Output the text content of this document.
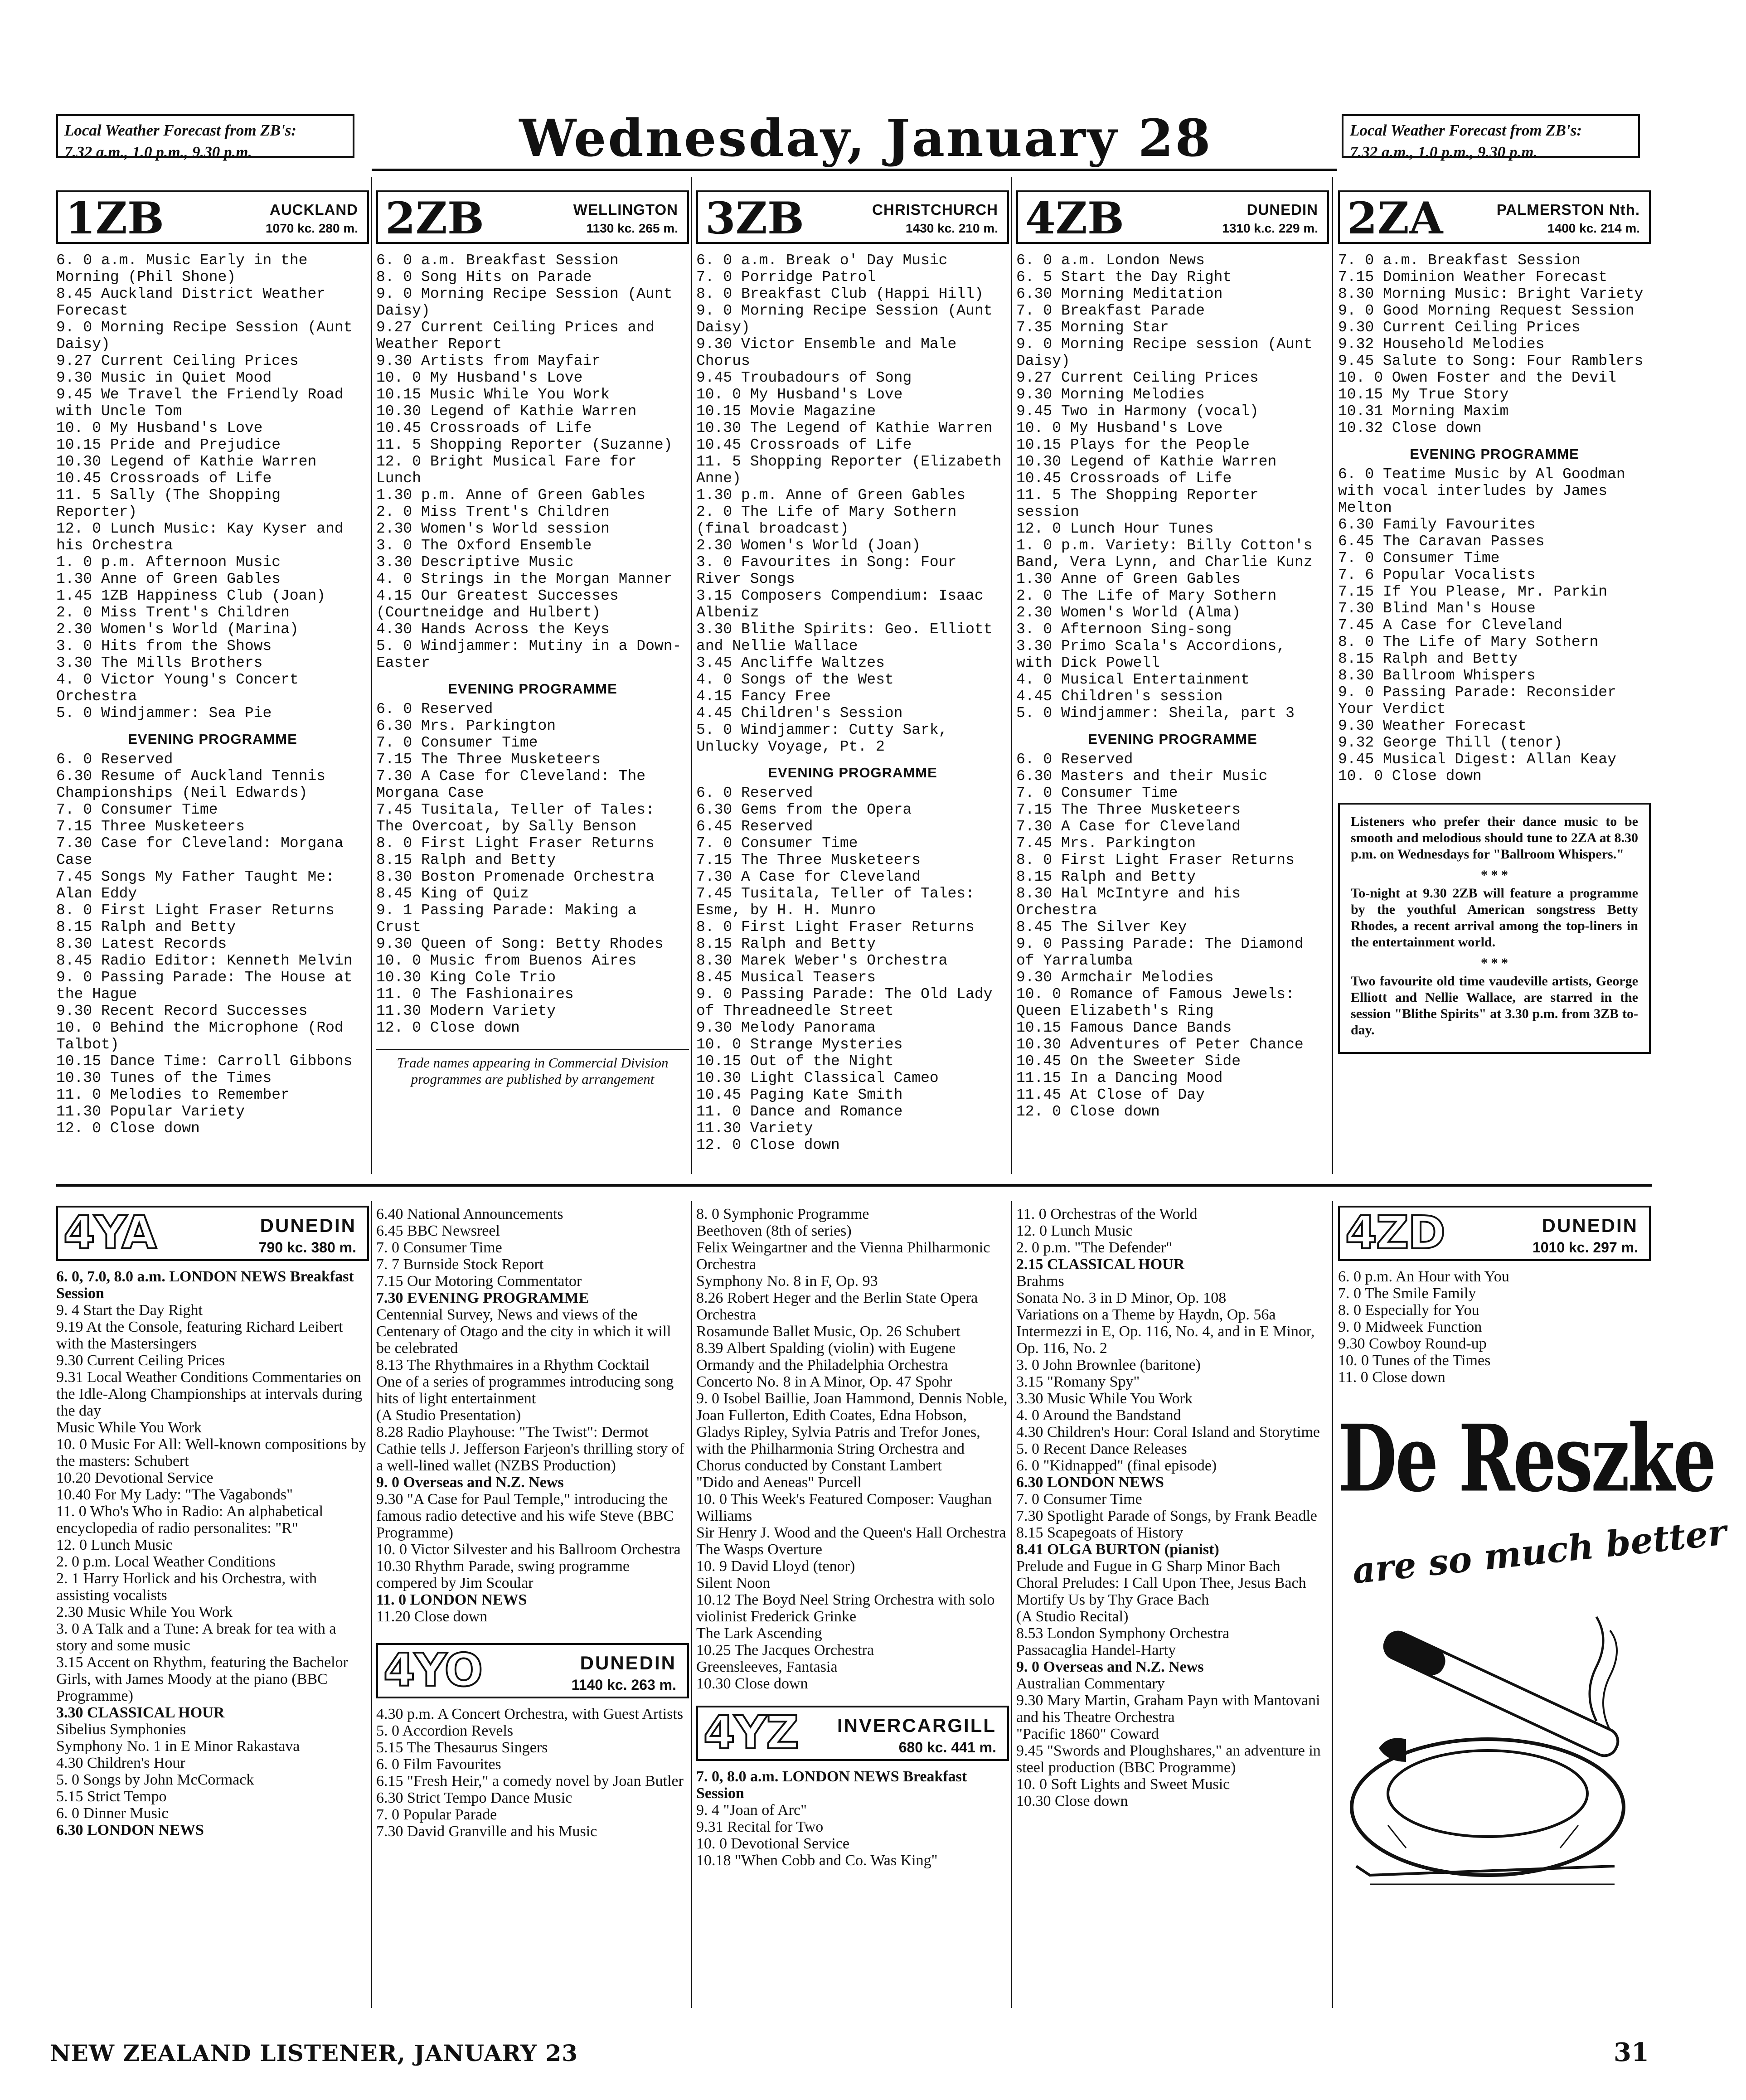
Local Weather Forecast from ZB's:
7.32 a.m., 1.0 p.m., 9.30 p.m.	Wednesday, January 28	Local Weather Forecast from ZB's:
7.32 a.m., 1.0 p.m., 9.30 p.m.
1ZB	AUCKLAND
1070 kc. 280 m.
6. 0 a.m. Music Early in the Morning (Phil Shone)
8.45 Auckland District Weather Forecast
9. 0 Morning Recipe Session (Aunt Daisy)
9.27 Current Ceiling Prices
9.30 Music in Quiet Mood
9.45 We Travel the Friendly Road with Uncle Tom
10. 0 My Husband's Love
10.15 Pride and Prejudice
10.30 Legend of Kathie Warren
10.45 Crossroads of Life
11. 5 Sally (The Shopping Reporter)
12. 0 Lunch Music: Kay Kyser and his Orchestra
1. 0 p.m. Afternoon Music
1.30 Anne of Green Gables
1.45 1ZB Happiness Club (Joan)
2. 0 Miss Trent's Children
2.30 Women's World (Marina)
3. 0 Hits from the Shows
3.30 The Mills Brothers
4. 0 Victor Young's Concert Orchestra
5. 0 Windjammer: Sea Pie
EVENING PROGRAMME
6. 0 Reserved
6.30 Resume of Auckland Tennis Championships (Neil Edwards)
7. 0 Consumer Time
7.15 Three Musketeers
7.30 Case for Cleveland: Morgana Case
7.45 Songs My Father Taught Me: Alan Eddy
8. 0 First Light Fraser Returns
8.15 Ralph and Betty
8.30 Latest Records
8.45 Radio Editor: Kenneth Melvin
9. 0 Passing Parade: The House at the Hague
9.30 Recent Record Successes
10. 0 Behind the Microphone (Rod Talbot)
10.15 Dance Time: Carroll Gibbons
10.30 Tunes of the Times
11. 0 Melodies to Remember
11.30 Popular Variety
12. 0 Close down
2ZB	WELLINGTON
1130 kc. 265 m.
6. 0 a.m. Breakfast Session
8. 0 Song Hits on Parade
9. 0 Morning Recipe Session (Aunt Daisy)
9.27 Current Ceiling Prices and Weather Report
9.30 Artists from Mayfair
10. 0 My Husband's Love
10.15 Music While You Work
10.30 Legend of Kathie Warren
10.45 Crossroads of Life
11. 5 Shopping Reporter (Suzanne)
12. 0 Bright Musical Fare for Lunch
1.30 p.m. Anne of Green Gables
2. 0 Miss Trent's Children
2.30 Women's World session
3. 0 The Oxford Ensemble
3.30 Descriptive Music
4. 0 Strings in the Morgan Manner
4.15 Our Greatest Successes (Courtneidge and Hulbert)
4.30 Hands Across the Keys
5. 0 Windjammer: Mutiny in a Down-Easter
EVENING PROGRAMME
6. 0 Reserved
6.30 Mrs. Parkington
7. 0 Consumer Time
7.15 The Three Musketeers
7.30 A Case for Cleveland: The Morgana Case
7.45 Tusitala, Teller of Tales: The Overcoat, by Sally Benson
8. 0 First Light Fraser Returns
8.15 Ralph and Betty
8.30 Boston Promenade Orchestra
8.45 King of Quiz
9. 1 Passing Parade: Making a Crust
9.30 Queen of Song: Betty Rhodes
10. 0 Music from Buenos Aires
10.30 King Cole Trio
11. 0 The Fashionaires
11.30 Modern Variety
12. 0 Close down
Trade names appearing in Commercial Division programmes are published by arrangement
3ZB	CHRISTCHURCH
1430 kc. 210 m.
6. 0 a.m. Break o' Day Music
7. 0 Porridge Patrol
8. 0 Breakfast Club (Happi Hill)
9. 0 Morning Recipe Session (Aunt Daisy)
9.30 Victor Ensemble and Male Chorus
9.45 Troubadours of Song
10. 0 My Husband's Love
10.15 Movie Magazine
10.30 The Legend of Kathie Warren
10.45 Crossroads of Life
11. 5 Shopping Reporter (Elizabeth Anne)
1.30 p.m. Anne of Green Gables
2. 0 The Life of Mary Sothern (final broadcast)
2.30 Women's World (Joan)
3. 0 Favourites in Song: Four River Songs
3.15 Composers Compendium: Isaac Albeniz
3.30 Blithe Spirits: Geo. Elliott and Nellie Wallace
3.45 Ancliffe Waltzes
4. 0 Songs of the West
4.15 Fancy Free
4.45 Children's Session
5. 0 Windjammer: Cutty Sark, Unlucky Voyage, Pt. 2
EVENING PROGRAMME
6. 0 Reserved
6.30 Gems from the Opera
6.45 Reserved
7. 0 Consumer Time
7.15 The Three Musketeers
7.30 A Case for Cleveland
7.45 Tusitala, Teller of Tales: Esme, by H. H. Munro
8. 0 First Light Fraser Returns
8.15 Ralph and Betty
8.30 Marek Weber's Orchestra
8.45 Musical Teasers
9. 0 Passing Parade: The Old Lady of Threadneedle Street
9.30 Melody Panorama
10. 0 Strange Mysteries
10.15 Out of the Night
10.30 Light Classical Cameo
10.45 Paging Kate Smith
11. 0 Dance and Romance
11.30 Variety
12. 0 Close down
4ZB	DUNEDIN
1310 k.c. 229 m.
6. 0 a.m. London News
6. 5 Start the Day Right
6.30 Morning Meditation
7. 0 Breakfast Parade
7.35 Morning Star
9. 0 Morning Recipe session (Aunt Daisy)
9.27 Current Ceiling Prices
9.30 Morning Melodies
9.45 Two in Harmony (vocal)
10. 0 My Husband's Love
10.15 Plays for the People
10.30 Legend of Kathie Warren
10.45 Crossroads of Life
11. 5 The Shopping Reporter session
12. 0 Lunch Hour Tunes
1. 0 p.m. Variety: Billy Cotton's Band, Vera Lynn, and Charlie Kunz
1.30 Anne of Green Gables
2. 0 The Life of Mary Sothern
2.30 Women's World (Alma)
3. 0 Afternoon Sing-song
3.30 Primo Scala's Accordions, with Dick Powell
4. 0 Musical Entertainment
4.45 Children's session
5. 0 Windjammer: Sheila, part 3
EVENING PROGRAMME
6. 0 Reserved
6.30 Masters and their Music
7. 0 Consumer Time
7.15 The Three Musketeers
7.30 A Case for Cleveland
7.45 Mrs. Parkington
8. 0 First Light Fraser Returns
8.15 Ralph and Betty
8.30 Hal McIntyre and his Orchestra
8.45 The Silver Key
9. 0 Passing Parade: The Diamond of Yarralumba
9.30 Armchair Melodies
10. 0 Romance of Famous Jewels: Queen Elizabeth's Ring
10.15 Famous Dance Bands
10.30 Adventures of Peter Chance
10.45 On the Sweeter Side
11.15 In a Dancing Mood
11.45 At Close of Day
12. 0 Close down
2ZA	PALMERSTON Nth.
1400 kc. 214 m.
7. 0 a.m. Breakfast Session
7.15 Dominion Weather Forecast
8.30 Morning Music: Bright Variety
9. 0 Good Morning Request Session
9.30 Current Ceiling Prices
9.32 Household Melodies
9.45 Salute to Song: Four Ramblers
10. 0 Owen Foster and the Devil
10.15 My True Story
10.31 Morning Maxim
10.32 Close down
EVENING PROGRAMME
6. 0 Teatime Music by Al Goodman with vocal interludes by James Melton
6.30 Family Favourites
6.45 The Caravan Passes
7. 0 Consumer Time
7. 6 Popular Vocalists
7.15 If You Please, Mr. Parkin
7.30 Blind Man's House
7.45 A Case for Cleveland
8. 0 The Life of Mary Sothern
8.15 Ralph and Betty
8.30 Ballroom Whispers
9. 0 Passing Parade: Reconsider Your Verdict
9.30 Weather Forecast
9.32 George Thill (tenor)
9.45 Musical Digest: Allan Keay
10. 0 Close down

Listeners who prefer their dance music to be smooth and melodious should tune to 2ZA at 8.30 p.m. on Wednesdays for "Ballroom Whispers."

* * *

To-night at 9.30 2ZB will feature a programme by the youthful American songstress Betty Rhodes, a recent arrival among the top-liners in the entertainment world.

* * *

Two favourite old time vaudeville artists, George Elliott and Nellie Wallace, are starred in the session "Blithe Spirits" at 3.30 p.m. from 3ZB to-day.

4YA	DUNEDIN
790 kc. 380 m.
6. 0, 7.0, 8.0 a.m. LONDON NEWS Breakfast Session
9. 4 Start the Day Right
9.19 At the Console, featuring Richard Leibert with the Mastersingers
9.30 Current Ceiling Prices
9.31 Local Weather Conditions Commentaries on the Idle-Along Championships at intervals during the day
Music While You Work
10. 0 Music For All: Well-known compositions by the masters: Schubert
10.20 Devotional Service
10.40 For My Lady: "The Vagabonds"
11. 0 Who's Who in Radio: An alphabetical encyclopedia of radio personalites: "R"
12. 0 Lunch Music
2. 0 p.m. Local Weather Conditions
2. 1 Harry Horlick and his Orchestra, with assisting vocalists
2.30 Music While You Work
3. 0 A Talk and a Tune: A break for tea with a story and some music
3.15 Accent on Rhythm, featuring the Bachelor Girls, with James Moody at the piano (BBC Programme)
3.30 CLASSICAL HOUR
Sibelius Symphonies
Symphony No. 1 in E Minor Rakastava
4.30 Children's Hour
5. 0 Songs by John McCormack
5.15 Strict Tempo
6. 0 Dinner Music
6.30 LONDON NEWS
6.40 National Announcements
6.45 BBC Newsreel
7. 0 Consumer Time
7. 7 Burnside Stock Report
7.15 Our Motoring Commentator
7.30 EVENING PROGRAMME
Centennial Survey, News and views of the Centenary of Otago and the city in which it will be celebrated
8.13 The Rhythmaires in a Rhythm Cocktail
One of a series of programmes introducing song hits of light entertainment
(A Studio Presentation)
8.28 Radio Playhouse: "The Twist": Dermot Cathie tells J. Jefferson Farjeon's thrilling story of a well-lined wallet (NZBS Production)
9. 0 Overseas and N.Z. News
9.30 "A Case for Paul Temple," introducing the famous radio detective and his wife Steve (BBC Programme)
10. 0 Victor Silvester and his Ballroom Orchestra
10.30 Rhythm Parade, swing programme compered by Jim Scoular
11. 0 LONDON NEWS
11.20 Close down
4YO	DUNEDIN
1140 kc. 263 m.
4.30 p.m. A Concert Orchestra, with Guest Artists
5. 0 Accordion Revels
5.15 The Thesaurus Singers
6. 0 Film Favourites
6.15 "Fresh Heir," a comedy novel by Joan Butler
6.30 Strict Tempo Dance Music
7. 0 Popular Parade
7.30 David Granville and his Music
8. 0 Symphonic Programme
Beethoven (8th of series)
Felix Weingartner and the Vienna Philharmonic Orchestra
Symphony No. 8 in F, Op. 93
8.26 Robert Heger and the Berlin State Opera Orchestra
Rosamunde Ballet Music, Op. 26 Schubert
8.39 Albert Spalding (violin) with Eugene Ormandy and the Philadelphia Orchestra
Concerto No. 8 in A Minor, Op. 47 Spohr
9. 0 Isobel Baillie, Joan Hammond, Dennis Noble, Joan Fullerton, Edith Coates, Edna Hobson, Gladys Ripley, Sylvia Patris and Trefor Jones, with the Philharmonia String Orchestra and Chorus conducted by Constant Lambert
"Dido and Aeneas" Purcell
10. 0 This Week's Featured Composer: Vaughan Williams
Sir Henry J. Wood and the Queen's Hall Orchestra
The Wasps Overture
10. 9 David Lloyd (tenor)
Silent Noon
10.12 The Boyd Neel String Orchestra with solo violinist Frederick Grinke
The Lark Ascending
10.25 The Jacques Orchestra
Greensleeves, Fantasia
10.30 Close down
4YZ	INVERCARGILL
680 kc. 441 m.
7. 0, 8.0 a.m. LONDON NEWS Breakfast Session
9. 4 "Joan of Arc"
9.31 Recital for Two
10. 0 Devotional Service
10.18 "When Cobb and Co. Was King"
11. 0 Orchestras of the World
12. 0 Lunch Music
2. 0 p.m. "The Defender"
2.15 CLASSICAL HOUR
Brahms
Sonata No. 3 in D Minor, Op. 108
Variations on a Theme by Haydn, Op. 56a
Intermezzi in E, Op. 116, No. 4, and in E Minor, Op. 116, No. 2
3. 0 John Brownlee (baritone)
3.15 "Romany Spy"
3.30 Music While You Work
4. 0 Around the Bandstand
4.30 Children's Hour: Coral Island and Storytime
5. 0 Recent Dance Releases
6. 0 "Kidnapped" (final episode)
6.30 LONDON NEWS
7. 0 Consumer Time
7.30 Spotlight Parade of Songs, by Frank Beadle
8.15 Scapegoats of History
8.41 OLGA BURTON (pianist)
Prelude and Fugue in G Sharp Minor Bach
Choral Preludes: I Call Upon Thee, Jesus Bach
Mortify Us by Thy Grace Bach
(A Studio Recital)
8.53 London Symphony Orchestra
Passacaglia Handel-Harty
9. 0 Overseas and N.Z. News
Australian Commentary
9.30 Mary Martin, Graham Payn with Mantovani and his Theatre Orchestra
"Pacific 1860" Coward
9.45 "Swords and Ploughshares," an adventure in steel production (BBC Programme)
10. 0 Soft Lights and Sweet Music
10.30 Close down
4ZD	DUNEDIN
1010 kc. 297 m.
6. 0 p.m. An Hour with You
7. 0 The Smile Family
8. 0 Especially for You
9. 0 Midweek Function
9.30 Cowboy Round-up
10. 0 Tunes of the Times
11. 0 Close down
De Reszke
are so much better
NEW ZEALAND LISTENER, JANUARY 23	31
